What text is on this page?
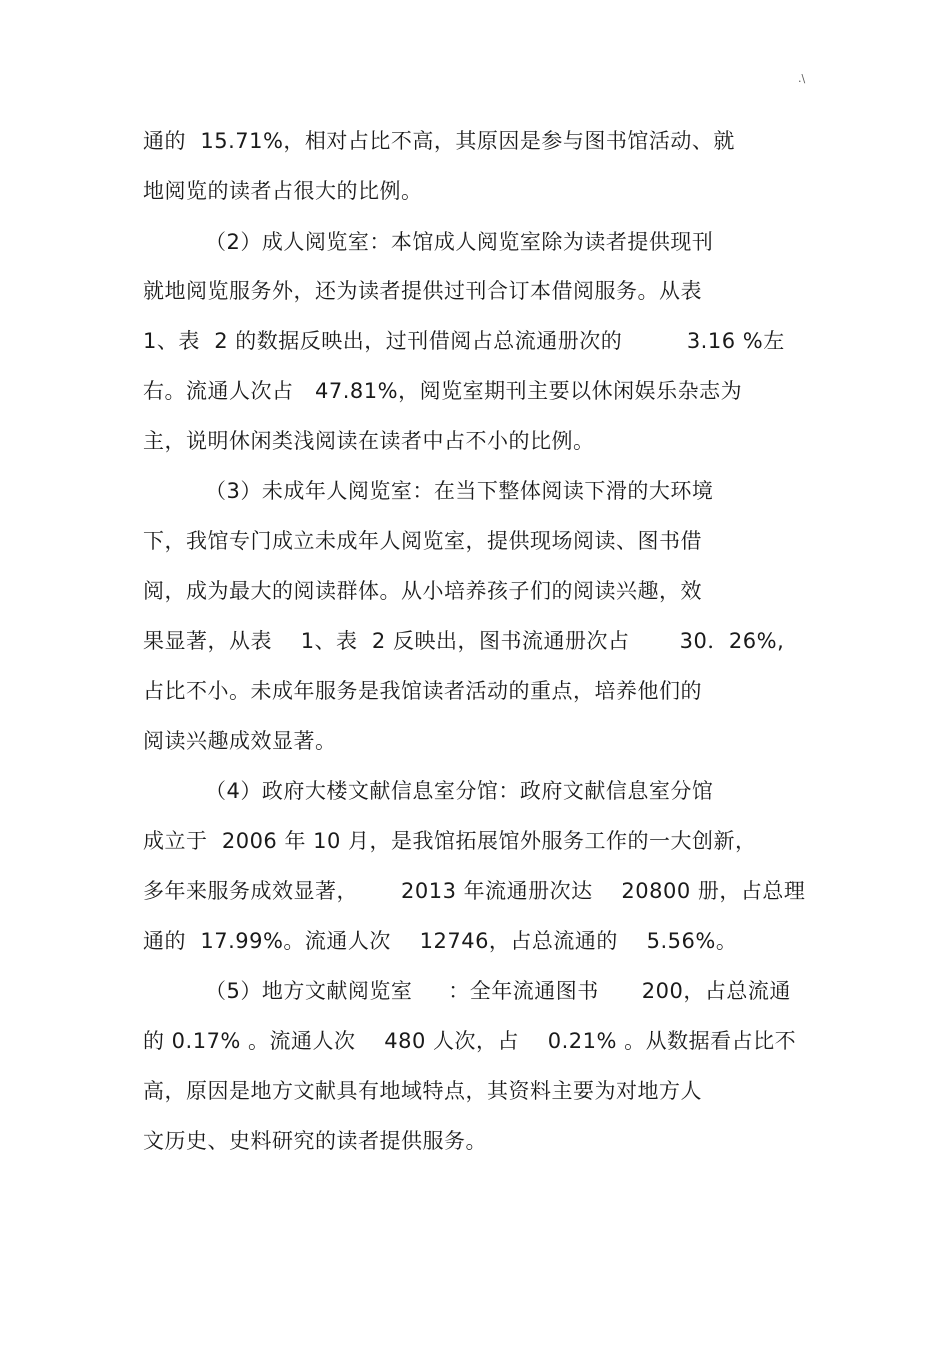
.\
通的  15.71%，相对占比不高，其原因是参与图书馆活动、就
地阅览的读者占很大的比例。
（2）成人阅览室：本馆成人阅览室除为读者提供现刊
就地阅览服务外，还为读者提供过刊合订本借阅服务。从表
1、表  2 的数据反映出，过刊借阅占总流通册次的         3.16 %左
右。流通人次占   47.81%，阅览室期刊主要以休闲娱乐杂志为
主，说明休闲类浅阅读在读者中占不小的比例。
（3）未成年人阅览室：在当下整体阅读下滑的大环境
下，我馆专门成立未成年人阅览室，提供现场阅读、图书借
阅，成为最大的阅读群体。从小培养孩子们的阅读兴趣，效
果显著，从表    1、表  2 反映出，图书流通册次占       30．26%,
占比不小。未成年服务是我馆读者活动的重点，培养他们的
阅读兴趣成效显著。
（4）政府大楼文献信息室分馆：政府文献信息室分馆
成立于  2006 年 10 月，是我馆拓展馆外服务工作的一大创新，
多年来服务成效显著，      2013 年流通册次达    20800 册，占总理
通的  17.99%。流通人次    12746，占总流通的    5.56%。
（5）地方文献阅览室     ：全年流通图书      200，占总流通
的 0.17% 。流通人次    480 人次，占    0.21% 。从数据看占比不
高，原因是地方文献具有地域特点，其资料主要为对地方人
文历史、史料研究的读者提供服务。
